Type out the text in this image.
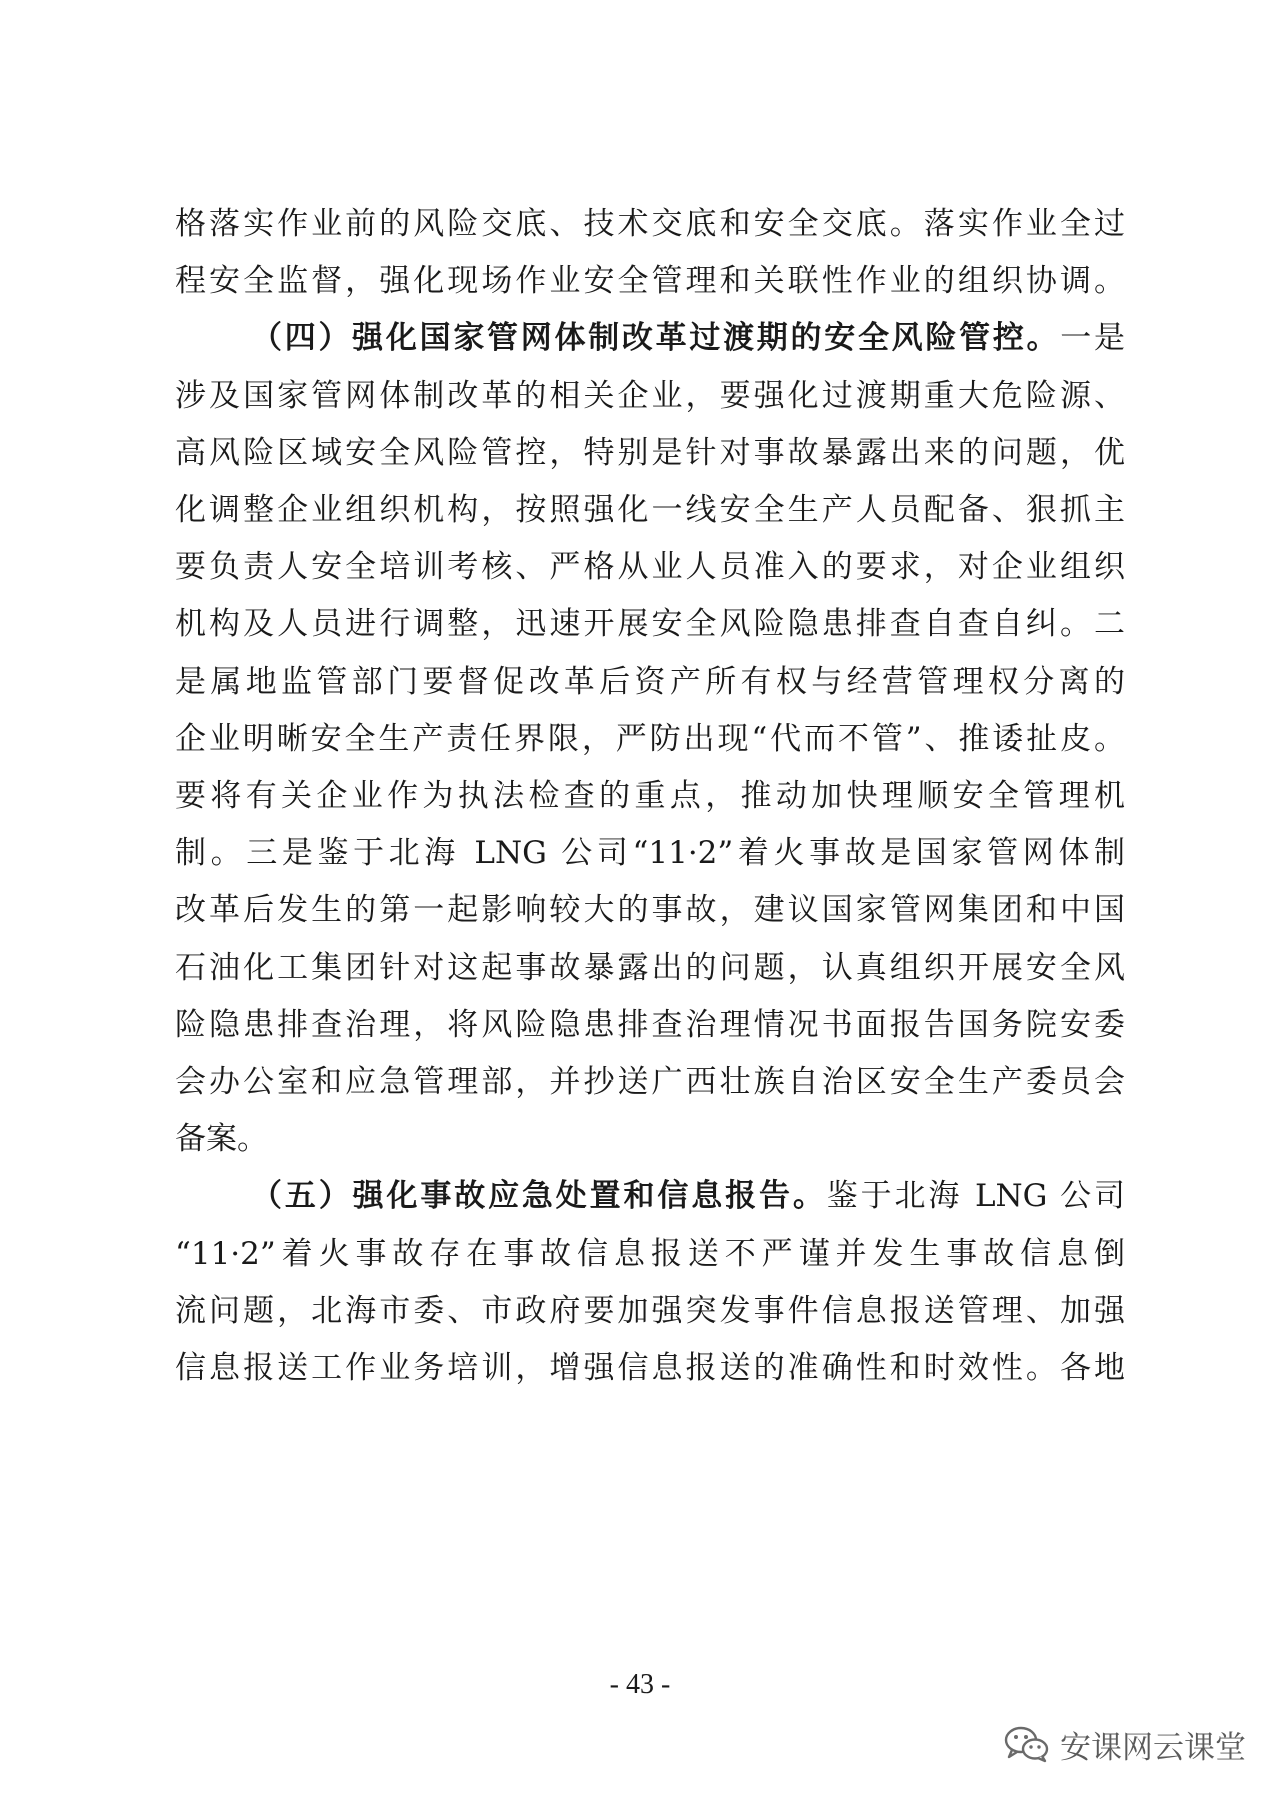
格落实作业前的风险交底、技术交底和安全交底。落实作业全过
程安全监督，强化现场作业安全管理和关联性作业的组织协调。
（四）强化国家管网体制改革过渡期的安全风险管控。一是
涉及国家管网体制改革的相关企业，要强化过渡期重大危险源、
高风险区域安全风险管控，特别是针对事故暴露出来的问题，优
化调整企业组织机构，按照强化一线安全生产人员配备、狠抓主
要负责人安全培训考核、严格从业人员准入的要求，对企业组织
机构及人员进行调整，迅速开展安全风险隐患排查自查自纠。二
是属地监管部门要督促改革后资产所有权与经营管理权分离的
企业明晰安全生产责任界限，严防出现“代而不管”、推诿扯皮。
要将有关企业作为执法检查的重点，推动加快理顺安全管理机
制。三是鉴于北海 LNG 公司“11·2”着火事故是国家管网体制
改革后发生的第一起影响较大的事故，建议国家管网集团和中国
石油化工集团针对这起事故暴露出的问题，认真组织开展安全风
险隐患排查治理，将风险隐患排查治理情况书面报告国务院安委
会办公室和应急管理部，并抄送广西壮族自治区安全生产委员会
备案。
（五）强化事故应急处置和信息报告。鉴于北海 LNG 公司
“11·2”着火事故存在事故信息报送不严谨并发生事故信息倒
流问题，北海市委、市政府要加强突发事件信息报送管理、加强
信息报送工作业务培训，增强信息报送的准确性和时效性。各地
- 43 -
安课网云课堂
